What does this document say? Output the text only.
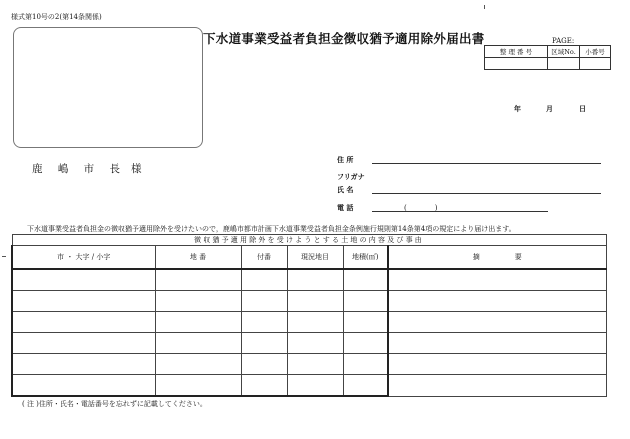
様式第10号の2(第14条関係)
下水道事業受益者負担金徴収猶予適用除外届出書	PAGE:
整 理 番 号	区域No.	小番号

年	月	日
鹿 嶋 市 長 様
住 所
フリガナ
氏 名
電 話	(　　　　)
下水道事業受益者負担金の徴収猶予適用除外を受けたいので，鹿嶋市都市計画下水道事業受益者負担金条例施行規則第14条第4項の規定により届け出ます。
徴収猶予適用除外を受けようとする土地の内容及び事由					
市 ・ 大字 / 小字	地 番	付番	現況地目	地積(㎡)	摘　　　　　要

( 注 )住所・氏名・電話番号を忘れずに記載してください。
